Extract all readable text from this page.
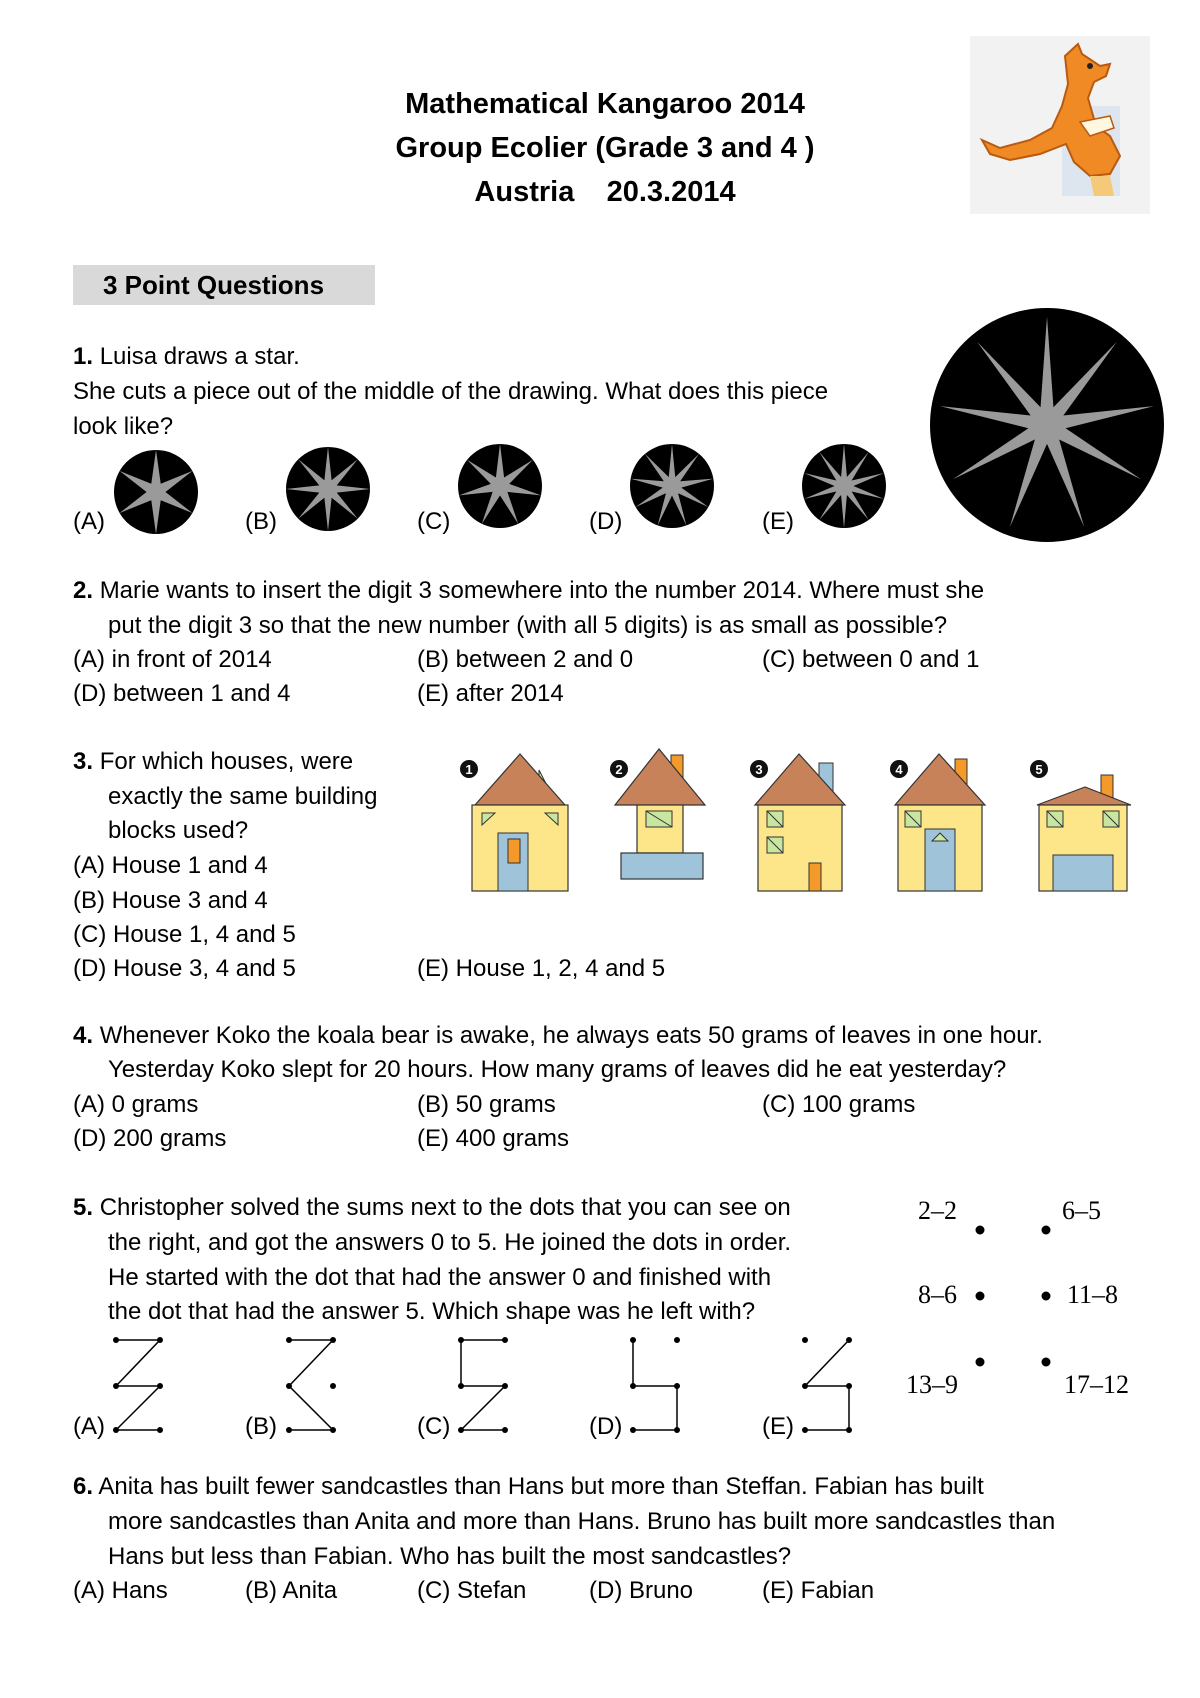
Mathematical Kangaroo 2014
Group Ecolier (Grade 3 and 4 )
Austria    20.3.2014
3 Point Questions
1. Luisa draws a star.
She cuts a piece out of the middle of the drawing. What does this piece
look like?
(A)	(B)	(C)	(D)	(E)
2. Marie wants to insert the digit 3 somewhere into the number 2014. Where must she
put the digit 3 so that the new number (with all 5 digits) is as small as possible?
(A) in front of 2014	(B) between 2 and 0	(C) between 0 and 1
(D) between 1 and 4	(E) after 2014
3. For which houses, were
exactly the same building
blocks used?
(A) House 1 and 4
(B) House 3 and 4
(C) House 1, 4 and 5
(D) House 3, 4 and 5	(E) House 1, 2, 4 and 5
1	2	3	4	5
4. Whenever Koko the koala bear is awake, he always eats 50 grams of leaves in one hour.
Yesterday Koko slept for 20 hours. How many grams of leaves did he eat yesterday?
(A) 0 grams	(B) 50 grams	(C) 100 grams
(D) 200 grams	(E) 400 grams
5. Christopher solved the sums next to the dots that you can see on
the right, and got the answers 0 to 5. He joined the dots in order.
He started with the dot that had the answer 0 and finished with
the dot that had the answer 5. Which shape was he left with?
2–2	6–5
8–6	11–8
13–9	17–12
(A)	(B)	(C)	(D)	(E)
6. Anita has built fewer sandcastles than Hans but more than Steffan. Fabian has built
more sandcastles than Anita and more than Hans. Bruno has built more sandcastles than
Hans but less than Fabian. Who has built the most sandcastles?
(A) Hans	(B) Anita	(C) Stefan	(D) Bruno	(E) Fabian
